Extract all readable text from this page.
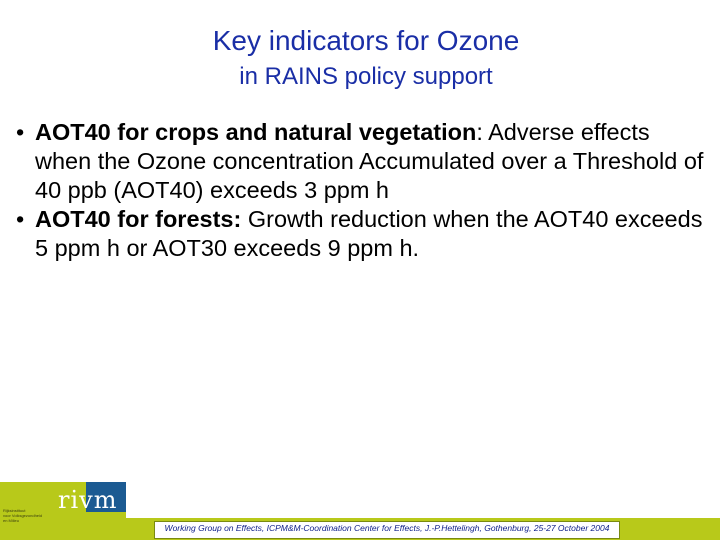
Key indicators for Ozone
in RAINS policy support
• AOT40 for crops and natural vegetation: Adverse effects when the Ozone concentration Accumulated over a Threshold of 40 ppb (AOT40) exceeds 3 ppm h
• AOT40 for forests: Growth reduction when the AOT40 exceeds 5 ppm h or AOT30 exceeds 9 ppm h.
rivm
Rijksinstituut
voor Volksgezondheid
en Milieu
Working Group on Effects, ICPM&M-Coordination Center for Effects, J.-P.Hettelingh, Gothenburg, 25-27 October 2004
